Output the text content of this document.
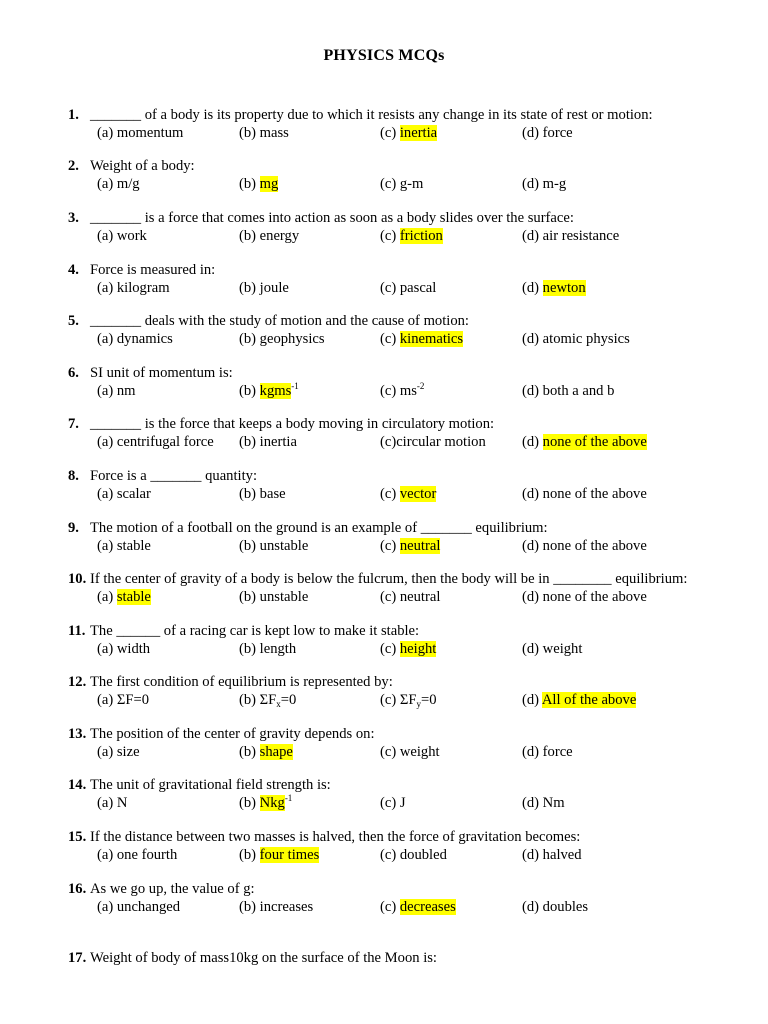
PHYSICS MCQs
1. _______ of a body is its property due to which it resists any change in its state of rest or motion:
(a) momentum	(b) mass	(c) inertia	(d) force
2. Weight of a body:
(a) m/g	(b) mg	(c) g-m	(d) m-g
3. _______ is a force that comes into action as soon as a body slides over the surface:
(a) work	(b) energy	(c) friction	(d) air resistance
4. Force is measured in:
(a) kilogram	(b) joule	(c) pascal	(d) newton
5. _______ deals with the study of motion and the cause of motion:
(a) dynamics	(b) geophysics	(c) kinematics	(d) atomic physics
6. SI unit of momentum is:
(a) nm	(b) kgms$^{-1}$	(c) $ms^{-2}$	(d) both a and b
7. _______ is the force that keeps a body moving in circulatory motion:
(a) centrifugal force (b) inertia	(c)circular motion (d) none of the above
8. Force is a _______ quantity:
(a) scalar	(b) base	(c) vector	(d) none of the above
9. The motion of a football on the ground is an example of _______ equilibrium:
(a) stable	(b) unstable	(c) neutral	(d) none of the above
10. If the center of gravity of a body is below the fulcrum, then the body will be in ________ equilibrium:
(a) stable	(b) unstable	(c) neutral	(d) none of the above
11. The ______ of a racing car is kept low to make it stable:
(a) width	(b) length	(c) height	(d) weight
12. The first condition of equilibrium is represented by:
(a) ΣF=0	(b) $\Sigma F_x=0$	(c) $\Sigma F_y=0$	(d) All of the above
13. The position of the center of gravity depends on:
(a) size	(b) shape	(c) weight	(d) force
14. The unit of gravitational field strength is:
(a) N	(b) Nkg$^{-1}$	(c) J	(d) Nm
15. If the distance between two masses is halved, then the force of gravitation becomes:
(a) one fourth	(b) four times	(c) doubled	(d) halved
16. As we go up, the value of g:
(a) unchanged	(b) increases	(c) decreases	(d) doubles
17. Weight of body of mass10kg on the surface of the Moon is:
